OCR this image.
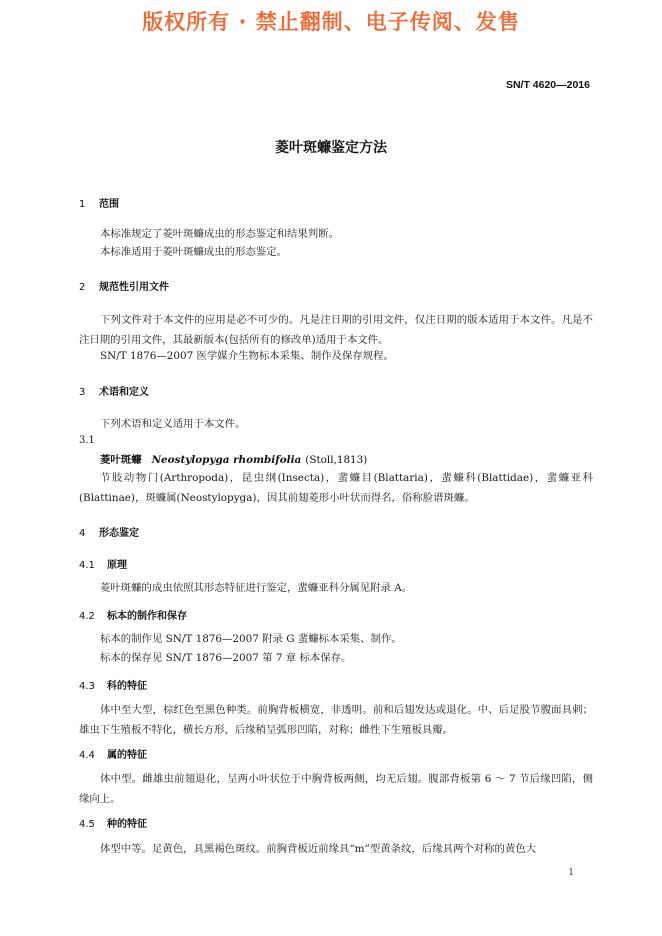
版权所有 · 禁止翻制、电子传阅、发售
SN/T 4620—2016
菱叶斑蠊鉴定方法
1 范围
本标准规定了菱叶斑蠊成虫的形态鉴定和结果判断。
本标准适用于菱叶斑蠊成虫的形态鉴定。
2 规范性引用文件
下列文件对于本文件的应用是必不可少的。凡是注日期的引用文件，仅注日期的版本适用于本文件。凡是不注日期的引用文件，其最新版本(包括所有的修改单)适用于本文件。
SN/T 1876—2007 医学媒介生物标本采集、制作及保存规程。
3 术语和定义
下列术语和定义适用于本文件。
3.1
菱叶斑蠊 Neostylopyga rhombifolia (Stoll,1813)
节肢动物门(Arthropoda)，昆虫纲(Insecta)，蜚蠊目(Blattaria)，蜚蠊科(Blattidae)，蜚蠊亚科(Blattinae)，斑蠊属(Neostylopyga)，因其前翅菱形小叶状而得名，俗称脸谱斑蠊。
4 形态鉴定
4.1 原理
菱叶斑蠊的成虫依照其形态特征进行鉴定，蜚蠊亚科分属见附录 A。
4.2 标本的制作和保存
标本的制作见 SN/T 1876—2007 附录 G 蜚蠊标本采集、制作。
标本的保存见 SN/T 1876—2007 第 7 章 标本保存。
4.3 科的特征
体中至大型，棕红色至黑色种类。前胸背板横宽，非透明。前和后翅发达或退化。中、后足股节腹面具刺；雄虫下生殖板不特化，横长方形，后缘稍呈弧形凹陷，对称；雌性下生殖板具瓣。
4.4 属的特征
体中型。雌雄虫前翅退化，呈两小叶状位于中胸背板两侧，均无后翅。腹部背板第 6 ～ 7 节后缘凹陷，侧缘向上。
4.5 种的特征
体型中等。足黄色，具黑褐色斑纹。前胸背板近前缘具“m”型黄条纹，后缘具两个对称的黄色大
1
